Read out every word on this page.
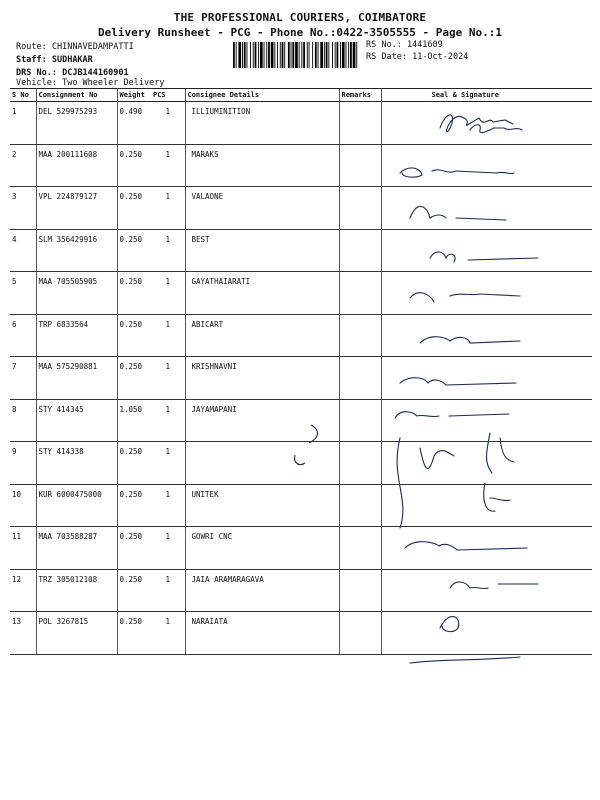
THE PROFESSIONAL COURIERS, COIMBATORE
Delivery Runsheet - PCG - Phone No.:0422-3505555 - Page No.:1
Route: CHINNAVEDAMPATTI
Staff: SUDHAKAR
DRS No.: DCJB144160901
Vehicle: Two Wheeler Delivery
RS No.: 1441609
RS Date: 11-Oct-2024
S No	Consignment No	Weight	PCS	Consignee Details	Remarks	Seal & Signature
1	DEL 529975293	0.490	1	ILLIUMINITION		
2	MAA 200111608	0.250	1	MARAKS		
3	VPL 224879127	0.250	1	VALAONE		
4	SLM 356429916	0.250	1	BEST		
5	MAA 705505905	0.250	1	GAYATHAIARATI		
6	TRP 6833564	0.250	1	ABICART		
7	MAA 575290881	0.250	1	KRISHNAVNI		
8	STY 414345	1.050	1	JAYAMAPANI		
9	STY 414338	0.250	1			
10	KUR 6000475000	0.250	1	UNITEK		
11	MAA 703588287	0.250	1	GOWRI CNC		
12	TRZ 305012108	0.250	1	JAIA ARAMARAGAVA		
13	POL 3267815	0.250	1	NARAIATA		
